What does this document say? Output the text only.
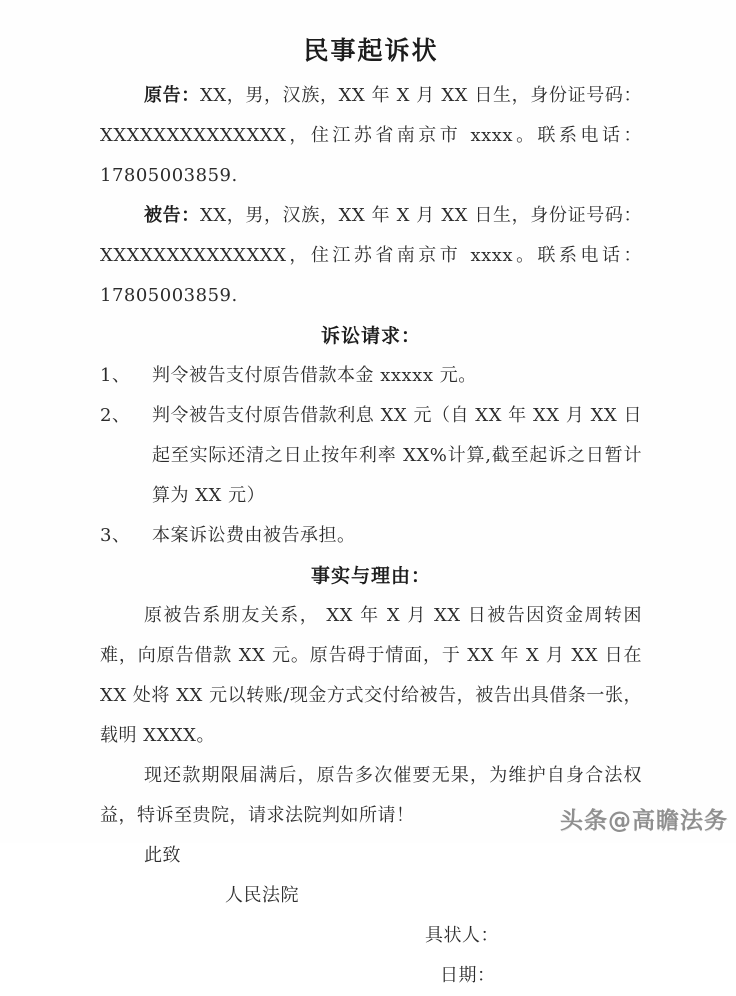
民事起诉状

原告：XX，男，汉族，XX 年 X 月 XX 日生，身份证号码：XXXXXXXXXXXXXX，住江苏省南京市 xxxx。联系电话：17805003859.

被告：XX，男，汉族，XX 年 X 月 XX 日生，身份证号码：XXXXXXXXXXXXXX，住江苏省南京市 xxxx。联系电话：17805003859.

诉讼请求：
1、	判令被告支付原告借款本金 xxxxx 元。
2、	判令被告支付原告借款利息 XX 元（自 XX 年 XX 月 XX 日起至实际还清之日止按年利率 XX%计算,截至起诉之日暂计算为 XX 元）
3、	本案诉讼费由被告承担。
事实与理由：

原被告系朋友关系， XX 年 X 月 XX 日被告因资金周转困难，向原告借款 XX 元。原告碍于情面，于 XX 年 X 月 XX 日在 XX 处将 XX 元以转账/现金方式交付给被告，被告出具借条一张，载明 XXXX。

现还款期限届满后，原告多次催要无果，为维护自身合法权益，特诉至贵院，请求法院判如所请！

此致

人民法院

具状人：

日期：

头条@高瞻法务
